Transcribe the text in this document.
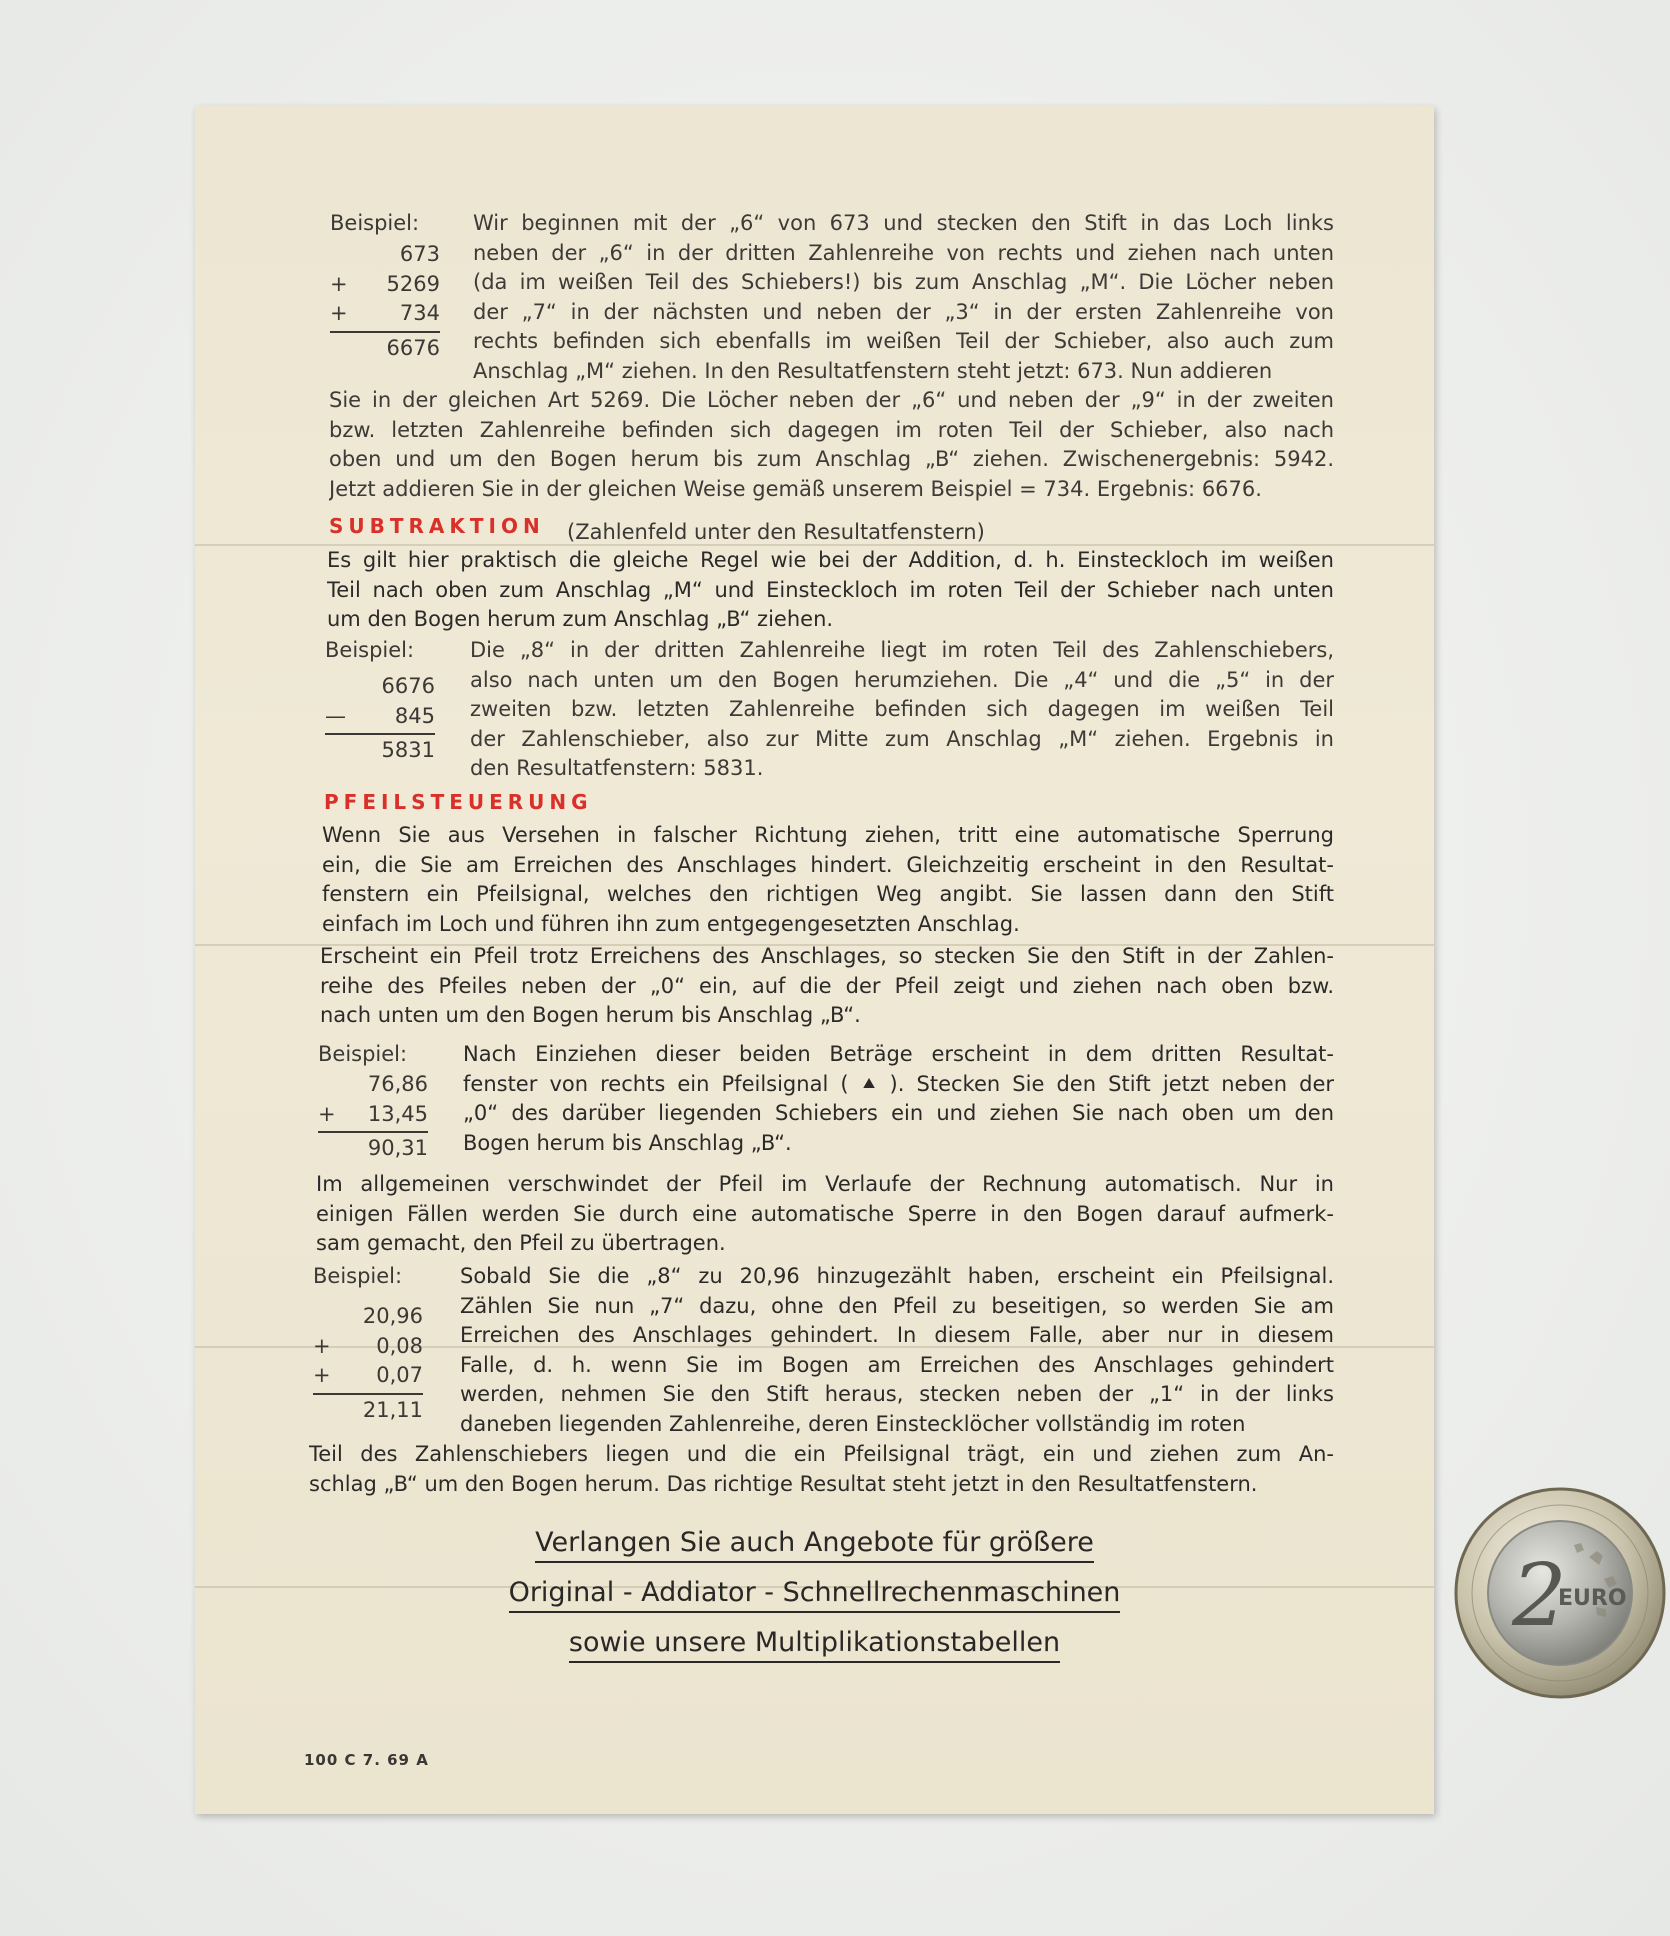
Beispiel:
673
+ 5269
+ 734
6676
Wir beginnen mit der „6“ von 673 und stecken den Stift in das Loch links
neben der „6“ in der dritten Zahlenreihe von rechts und ziehen nach unten
(da im weißen Teil des Schiebers!) bis zum Anschlag „M“. Die Löcher neben
der „7“ in der nächsten und neben der „3“ in der ersten Zahlenreihe von
rechts befinden sich ebenfalls im weißen Teil der Schieber, also auch zum
Anschlag „M“ ziehen. In den Resultatfenstern steht jetzt: 673. Nun addieren
Sie in der gleichen Art 5269. Die Löcher neben der „6“ und neben der „9“ in der zweiten
bzw. letzten Zahlenreihe befinden sich dagegen im roten Teil der Schieber, also nach
oben und um den Bogen herum bis zum Anschlag „B“ ziehen. Zwischenergebnis: 5942.
Jetzt addieren Sie in der gleichen Weise gemäß unserem Beispiel = 734. Ergebnis: 6676.
SUBTRAKTION (Zahlenfeld unter den Resultatfenstern)
Es gilt hier praktisch die gleiche Regel wie bei der Addition, d. h. Einsteckloch im weißen
Teil nach oben zum Anschlag „M“ und Einsteckloch im roten Teil der Schieber nach unten
um den Bogen herum zum Anschlag „B“ ziehen.
Beispiel:
6676
— 845
5831
Die „8“ in der dritten Zahlenreihe liegt im roten Teil des Zahlenschiebers,
also nach unten um den Bogen herumziehen. Die „4“ und die „5“ in der
zweiten bzw. letzten Zahlenreihe befinden sich dagegen im weißen Teil
der Zahlenschieber, also zur Mitte zum Anschlag „M“ ziehen. Ergebnis in
den Resultatfenstern: 5831.
PFEILSTEUERUNG
Wenn Sie aus Versehen in falscher Richtung ziehen, tritt eine automatische Sperrung
ein, die Sie am Erreichen des Anschlages hindert. Gleichzeitig erscheint in den Resultat-
fenstern ein Pfeilsignal, welches den richtigen Weg angibt. Sie lassen dann den Stift
einfach im Loch und führen ihn zum entgegengesetzten Anschlag.
Erscheint ein Pfeil trotz Erreichens des Anschlages, so stecken Sie den Stift in der Zahlen-
reihe des Pfeiles neben der „0“ ein, auf die der Pfeil zeigt und ziehen nach oben bzw.
nach unten um den Bogen herum bis Anschlag „B“.
Beispiel:
76,86
+ 13,45
90,31
Nach Einziehen dieser beiden Beträge erscheint in dem dritten Resultat-
fenster von rechts ein Pfeilsignal ( ⯅ ). Stecken Sie den Stift jetzt neben der
„0“ des darüber liegenden Schiebers ein und ziehen Sie nach oben um den
Bogen herum bis Anschlag „B“.
Im allgemeinen verschwindet der Pfeil im Verlaufe der Rechnung automatisch. Nur in
einigen Fällen werden Sie durch eine automatische Sperre in den Bogen darauf aufmerk-
sam gemacht, den Pfeil zu übertragen.
Beispiel:
20,96
+ 0,08
+ 0,07
21,11
Sobald Sie die „8“ zu 20,96 hinzugezählt haben, erscheint ein Pfeilsignal.
Zählen Sie nun „7“ dazu, ohne den Pfeil zu beseitigen, so werden Sie am
Erreichen des Anschlages gehindert. In diesem Falle, aber nur in diesem
Falle, d. h. wenn Sie im Bogen am Erreichen des Anschlages gehindert
werden, nehmen Sie den Stift heraus, stecken neben der „1“ in der links
daneben liegenden Zahlenreihe, deren Einstecklöcher vollständig im roten
Teil des Zahlenschiebers liegen und die ein Pfeilsignal trägt, ein und ziehen zum An-
schlag „B“ um den Bogen herum. Das richtige Resultat steht jetzt in den Resultatfenstern.
Verlangen Sie auch Angebote für größere
Original - Addiator - Schnellrechenmaschinen
sowie unsere Multiplikationstabellen
100 C 7. 69 A
2
EURO
